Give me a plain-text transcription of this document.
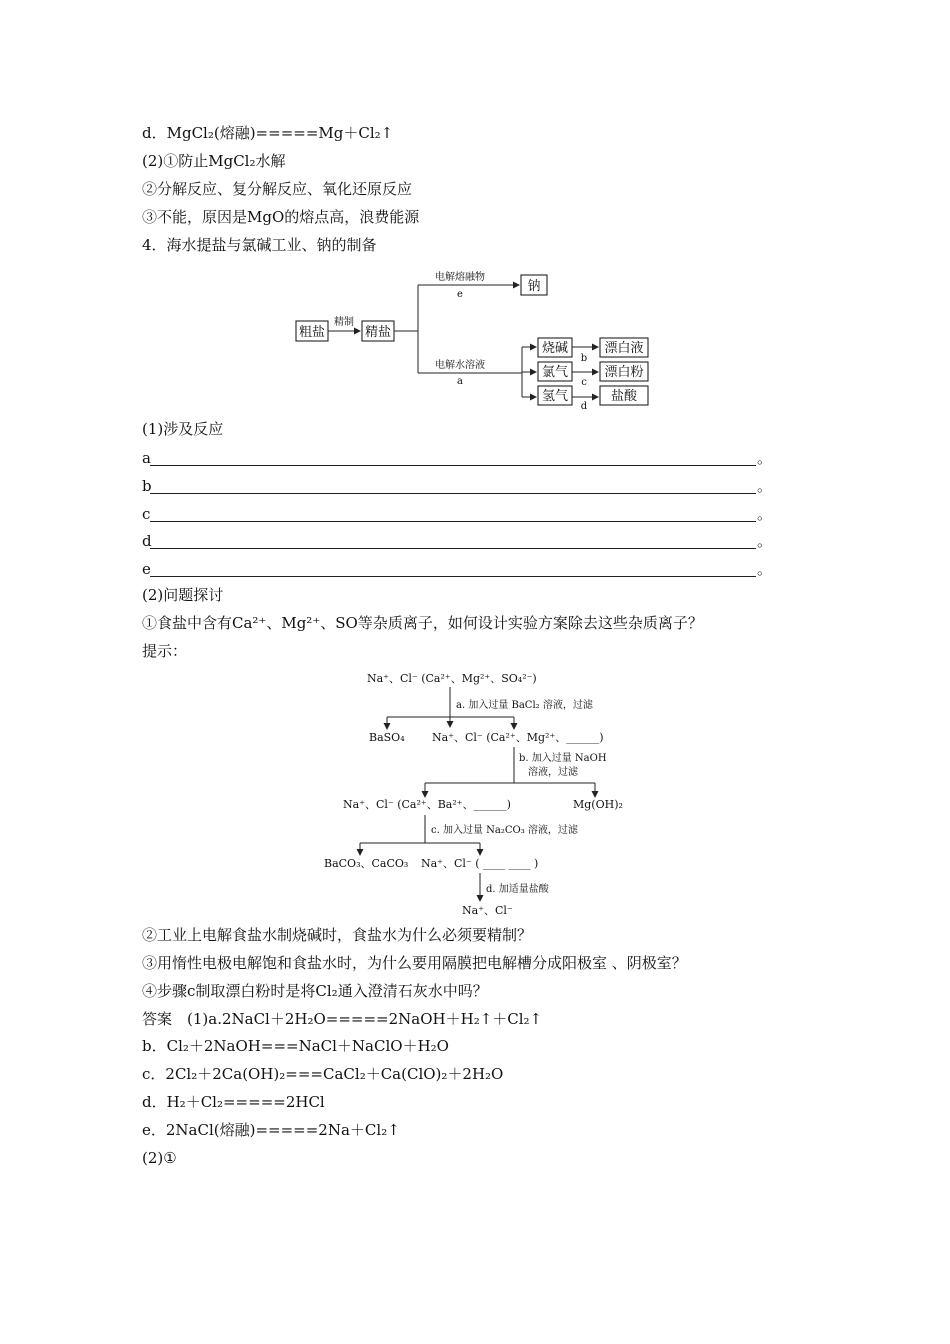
d．MgCl₂(熔融)=====Mg＋Cl₂↑
(2)①防止MgCl₂水解
②分解反应、复分解反应、氧化还原反应
③不能，原因是MgO的熔点高，浪费能源
4．海水提盐与氯碱工业、钠的制备
粗盐
精制
精盐
电解熔融物
e
钠
电解水溶液
a
烧碱
氯气
氢气
b
c
d
漂白液
漂白粉
盐酸
(1)涉及反应
a	。
b	。
c	。
d	。
e	。
(2)问题探讨
①食盐中含有Ca²⁺、Mg²⁺、SO等杂质离子，如何设计实验方案除去这些杂质离子？
提示：
Na⁺、Cl⁻ (Ca²⁺、Mg²⁺、SO₄²⁻)
a. 加入过量 BaCl₂ 溶液，过滤
BaSO₄ Na⁺、Cl⁻ (Ca²⁺、Mg²⁺、______)
b. 加入过量 NaOH
溶液，过滤
Na⁺、Cl⁻ (Ca²⁺、Ba²⁺、______)	Mg(OH)₂
c. 加入过量 Na₂CO₃ 溶液，过滤
BaCO₃、CaCO₃ Na⁺、Cl⁻ ( ____ ____ )
d. 加适量盐酸
Na⁺、Cl⁻
②工业上电解食盐水制烧碱时，食盐水为什么必须要精制？
③用惰性电极电解饱和食盐水时，为什么要用隔膜把电解槽分成阳极室 、阴极室？
④步骤c制取漂白粉时是将Cl₂通入澄清石灰水中吗？
答案　(1)a.2NaCl＋2H₂O=====2NaOH＋H₂↑＋Cl₂↑
b．Cl₂＋2NaOH===NaCl＋NaClO＋H₂O
c．2Cl₂＋2Ca(OH)₂===CaCl₂＋Ca(ClO)₂＋2H₂O
d．H₂＋Cl₂=====2HCl
e．2NaCl(熔融)=====2Na＋Cl₂↑
(2)①
